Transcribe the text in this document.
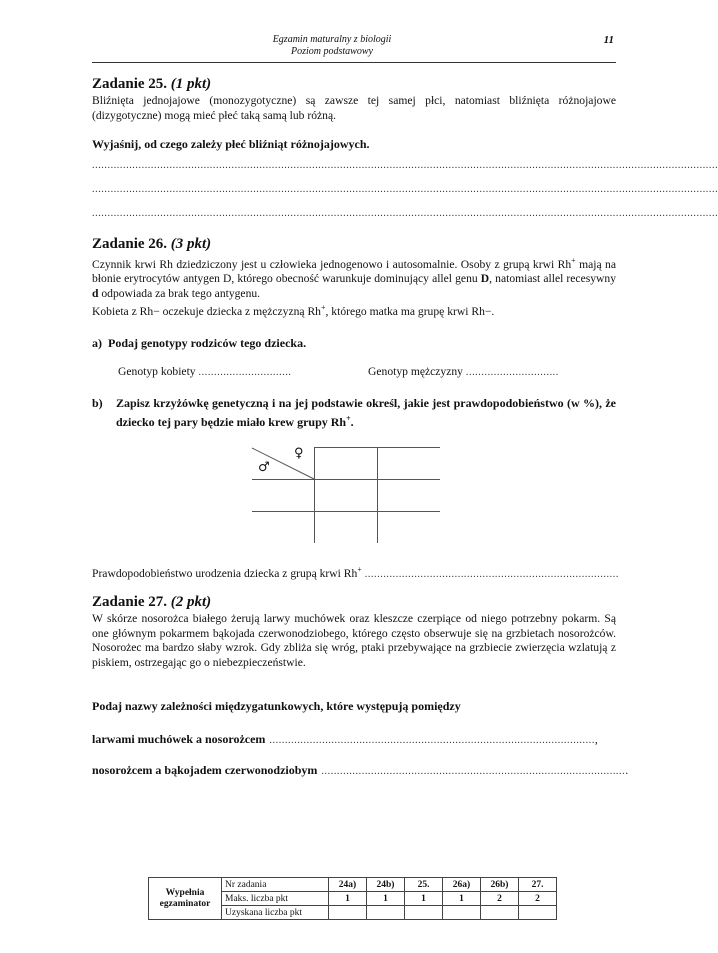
Egzamin maturalny z biologii
Poziom podstawowy
11
Zadanie 25. (1 pkt)
Bliźnięta jednojajowe (monozygotyczne) są zawsze tej samej płci, natomiast bliźnięta różnojajowe (dizygotyczne) mogą mieć płeć taką samą lub różną.
Wyjaśnij, od czego zależy płeć bliźniąt różnojajowych.
..........................................................................................................................................................................................................
..........................................................................................................................................................................................................
..........................................................................................................................................................................................................
Zadanie 26. (3 pkt)
Czynnik krwi Rh dziedziczony jest u człowieka jednogenowo i autosomalnie. Osoby z grupą krwi Rh+ mają na błonie erytrocytów antygen D, którego obecność warunkuje dominujący allel genu D, natomiast allel recesywny d odpowiada za brak tego antygenu.
Kobieta z Rh− oczekuje dziecka z mężczyzną Rh+, którego matka ma grupę krwi Rh−.
a) Podaj genotypy rodziców tego dziecka.
Genotyp kobiety ..............................	Genotyp mężczyzny ..............................
b)	Zapisz krzyżówkę genetyczną i na jej podstawie określ, jakie jest prawdopodobieństwo (w %), że dziecko tej pary będzie miało krew grupy Rh+.
♀
♂		

Prawdopodobieństwo urodzenia dziecka z grupą krwi Rh+ ..................................................................................
Zadanie 27. (2 pkt)
W skórze nosorożca białego żerują larwy muchówek oraz kleszcze czerpiące od niego potrzebny pokarm. Są one głównym pokarmem bąkojada czerwonodziobego, którego często obserwuje się na grzbietach nosorożców. Nosorożec ma bardzo słaby wzrok. Gdy zbliża się wróg, ptaki przebywające na grzbiecie zwierzęcia wzlatują z piskiem, ostrzegając go o niebezpieczeństwie.
Podaj nazwy zależności międzygatunkowych, które występują pomiędzy
larwami muchówek a nosorożcem .........................................................................................................,
nosorożcem a bąkojadem czerwonodziobym ...................................................................................................
Wypełnia
egzaminator	Nr zadania	24a)	24b)	25.	26a)	26b)	27.
	Maks. liczba pkt	1	1	1	1	2	2
	Uzyskana liczba pkt						
